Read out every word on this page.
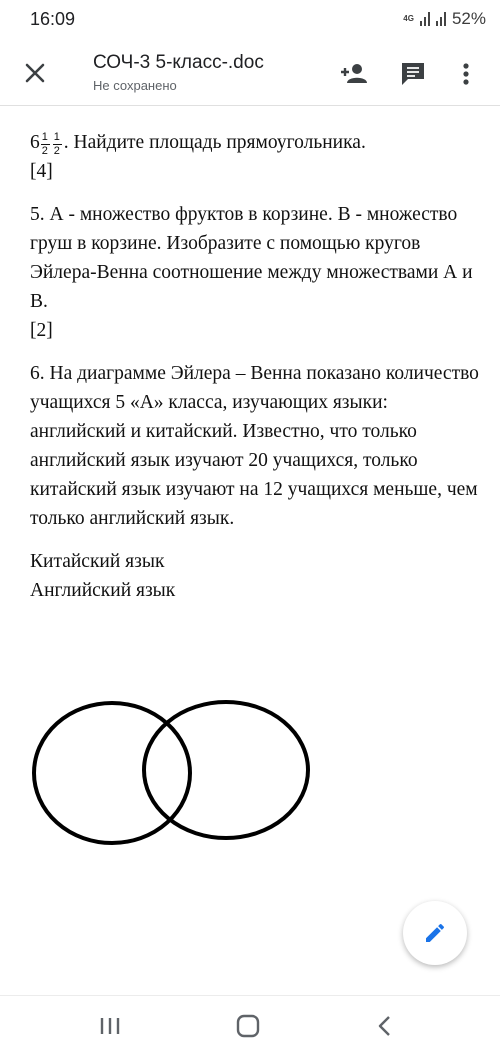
16:09	4G 52%
СОЧ-3 5-класс-.doc
Не сохранено
$6 \frac{1}{2} \frac{1}{2}$ . Найдите площадь прямоугольника.
[4]
5. А - множество фруктов в корзине. В - множество груш в корзине. Изобразите с помощью кругов Эйлера-Венна соотношение между множествами А и В.
[2]
6. На диаграмме Эйлера – Венна показано количество учащихся 5 «А» класса, изучающих языки: английский и китайский. Известно, что только английский язык изучают 20 учащихся, только китайский язык изучают на 12 учащихся меньше, чем только английский язык.
Китайский язык
Английский язык
